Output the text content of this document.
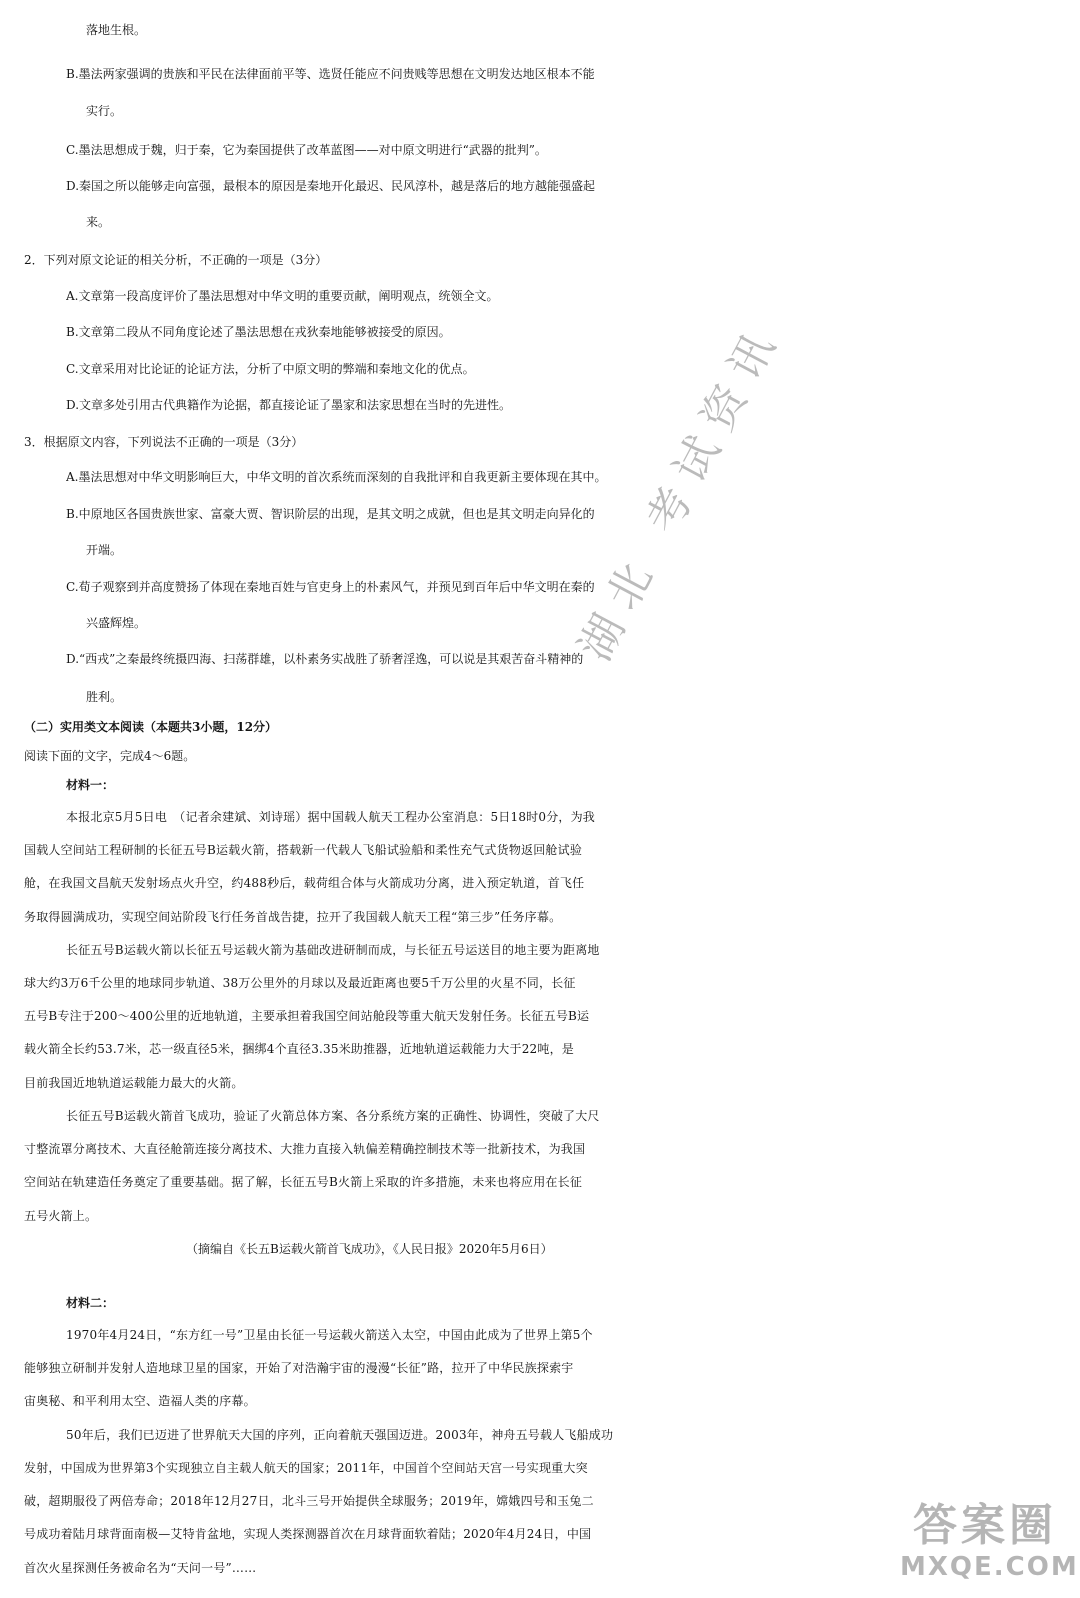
落地生根。
B.墨法两家强调的贵族和平民在法律面前平等、选贤任能应不问贵贱等思想在文明发达地区根本不能
实行。
C.墨法思想成于魏，归于秦，它为秦国提供了改革蓝图——对中原文明进行“武器的批判”。
D.秦国之所以能够走向富强，最根本的原因是秦地开化最迟、民风淳朴，越是落后的地方越能强盛起
来。
2．下列对原文论证的相关分析，不正确的一项是（3分）
A.文章第一段高度评价了墨法思想对中华文明的重要贡献，阐明观点，统领全文。
B.文章第二段从不同角度论述了墨法思想在戎狄秦地能够被接受的原因。
C.文章采用对比论证的论证方法，分析了中原文明的弊端和秦地文化的优点。
D.文章多处引用古代典籍作为论据，都直接论证了墨家和法家思想在当时的先进性。
3．根据原文内容，下列说法不正确的一项是（3分）
A.墨法思想对中华文明影响巨大，中华文明的首次系统而深刻的自我批评和自我更新主要体现在其中。
B.中原地区各国贵族世家、富豪大贾、智识阶层的出现，是其文明之成就，但也是其文明走向异化的
开端。
C.荀子观察到并高度赞扬了体现在秦地百姓与官吏身上的朴素风气，并预见到百年后中华文明在秦的
兴盛辉煌。
D.“西戎”之秦最终统摄四海、扫荡群雄，以朴素务实战胜了骄奢淫逸，可以说是其艰苦奋斗精神的
胜利。
（二）实用类文本阅读（本题共3小题，12分）
阅读下面的文字，完成4～6题。
材料一：
本报北京5月5日电　（记者余建斌、刘诗瑶）据中国载人航天工程办公室消息：5日18时0分，为我
国载人空间站工程研制的长征五号B运载火箭，搭载新一代载人飞船试验船和柔性充气式货物返回舱试验
舱，在我国文昌航天发射场点火升空，约488秒后，载荷组合体与火箭成功分离，进入预定轨道，首飞任
务取得圆满成功，实现空间站阶段飞行任务首战告捷，拉开了我国载人航天工程“第三步”任务序幕。
长征五号B运载火箭以长征五号运载火箭为基础改进研制而成，与长征五号运送目的地主要为距离地
球大约3万6千公里的地球同步轨道、38万公里外的月球以及最近距离也要5千万公里的火星不同，长征
五号B专注于200～400公里的近地轨道，主要承担着我国空间站舱段等重大航天发射任务。长征五号B运
载火箭全长约53.7米，芯一级直径5米，捆绑4个直径3.35米助推器，近地轨道运载能力大于22吨，是
目前我国近地轨道运载能力最大的火箭。
长征五号B运载火箭首飞成功，验证了火箭总体方案、各分系统方案的正确性、协调性，突破了大尺
寸整流罩分离技术、大直径舱箭连接分离技术、大推力直接入轨偏差精确控制技术等一批新技术，为我国
空间站在轨建造任务奠定了重要基础。据了解，长征五号B火箭上采取的许多措施，未来也将应用在长征
五号火箭上。
（摘编自《长五B运载火箭首飞成功》，《人民日报》2020年5月6日）
材料二：
1970年4月24日，“东方红一号”卫星由长征一号运载火箭送入太空，中国由此成为了世界上第5个
能够独立研制并发射人造地球卫星的国家，开始了对浩瀚宇宙的漫漫“长征”路，拉开了中华民族探索宇
宙奥秘、和平利用太空、造福人类的序幕。
50年后，我们已迈进了世界航天大国的序列，正向着航天强国迈进。2003年，神舟五号载人飞船成功
发射，中国成为世界第3个实现独立自主载人航天的国家；2011年，中国首个空间站天宫一号实现重大突
破，超期服役了两倍寿命；2018年12月27日，北斗三号开始提供全球服务；2019年，嫦娥四号和玉兔二
号成功着陆月球背面南极—艾特肯盆地，实现人类探测器首次在月球背面软着陆；2020年4月24日，中国
首次火星探测任务被命名为“天问一号”……
湖北 考试资讯
答案圈
MXQE.COM
